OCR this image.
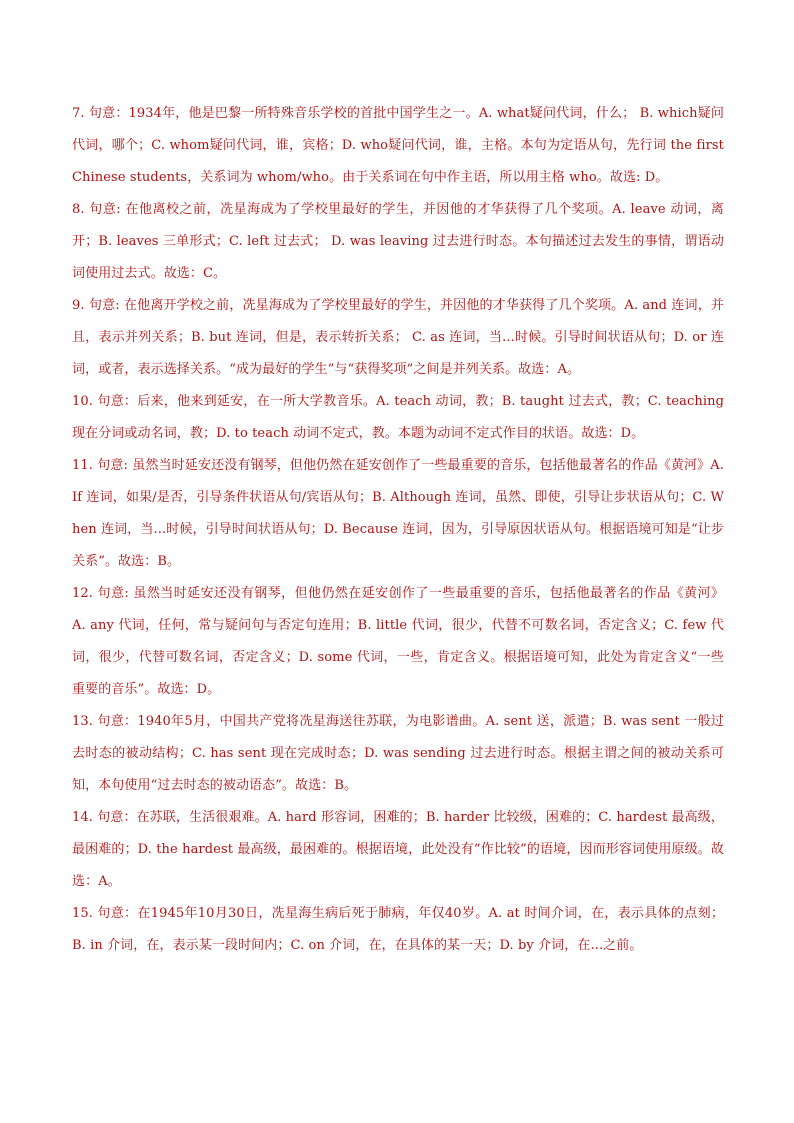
7. 句意：1934年，他是巴黎一所特殊音乐学校的首批中国学生之一。A. what疑问代词，什么； B. which疑问代词，哪个；C. whom疑问代词，谁，宾格；D. who疑问代词，谁，主格。本句为定语从句，先行词 the first Chinese students，关系词为 whom/who。由于关系词在句中作主语，所以用主格 who。故选: D。

8. 句意: 在他离校之前，冼星海成为了学校里最好的学生，并因他的才华获得了几个奖项。A. leave 动词，离开；B. leaves 三单形式；C. left 过去式； D. was leaving 过去进行时态。本句描述过去发生的事情，谓语动词使用过去式。故选：C。

9. 句意: 在他离开学校之前，冼星海成为了学校里最好的学生，并因他的才华获得了几个奖项。A. and 连词，并且，表示并列关系；B. but 连词，但是，表示转折关系； C. as 连词，当...时候。引导时间状语从句；D. or 连词，或者，表示选择关系。“成为最好的学生”与“获得奖项”之间是并列关系。故选：A。

10. 句意：后来，他来到延安，在一所大学教音乐。A. teach 动词，教；B. taught 过去式，教；C. teaching 现在分词或动名词，教；D. to teach 动词不定式，教。本题为动词不定式作目的状语。故选：D。

11. 句意: 虽然当时延安还没有钢琴，但他仍然在延安创作了一些最重要的音乐，包括他最著名的作品《黄河》A. If 连词，如果/是否，引导条件状语从句/宾语从句；B. Although 连词，虽然、即使，引导让步状语从句；C. When 连词，当...时候，引导时间状语从句；D. Because 连词，因为，引导原因状语从句。根据语境可知是“让步关系”。故选：B。

12. 句意: 虽然当时延安还没有钢琴，但他仍然在延安创作了一些最重要的音乐，包括他最著名的作品《黄河》 A. any 代词，任何，常与疑问句与否定句连用；B. little 代词，很少，代替不可数名词，否定含义；C. few 代词，很少，代替可数名词，否定含义；D. some 代词，一些，肯定含义。根据语境可知，此处为肯定含义“一些重要的音乐”。故选：D。

13. 句意：1940年5月，中国共产党将冼星海送往苏联，为电影谱曲。A. sent 送，派遣；B. was sent 一般过去时态的被动结构；C. has sent 现在完成时态；D. was sending 过去进行时态。根据主谓之间的被动关系可知，本句使用“过去时态的被动语态”。故选：B。

14. 句意：在苏联，生活很艰难。A. hard 形容词，困难的；B. harder 比较级，困难的；C. hardest 最高级，最困难的；D. the hardest 最高级，最困难的。根据语境，此处没有“作比较”的语境，因而形容词使用原级。故选：A。

15. 句意：在1945年10月30日，冼星海生病后死于肺病，年仅40岁。A. at 时间介词，在，表示具体的点刻；B. in 介词，在，表示某一段时间内；C. on 介词，在，在具体的某一天；D. by 介词，在...之前。
